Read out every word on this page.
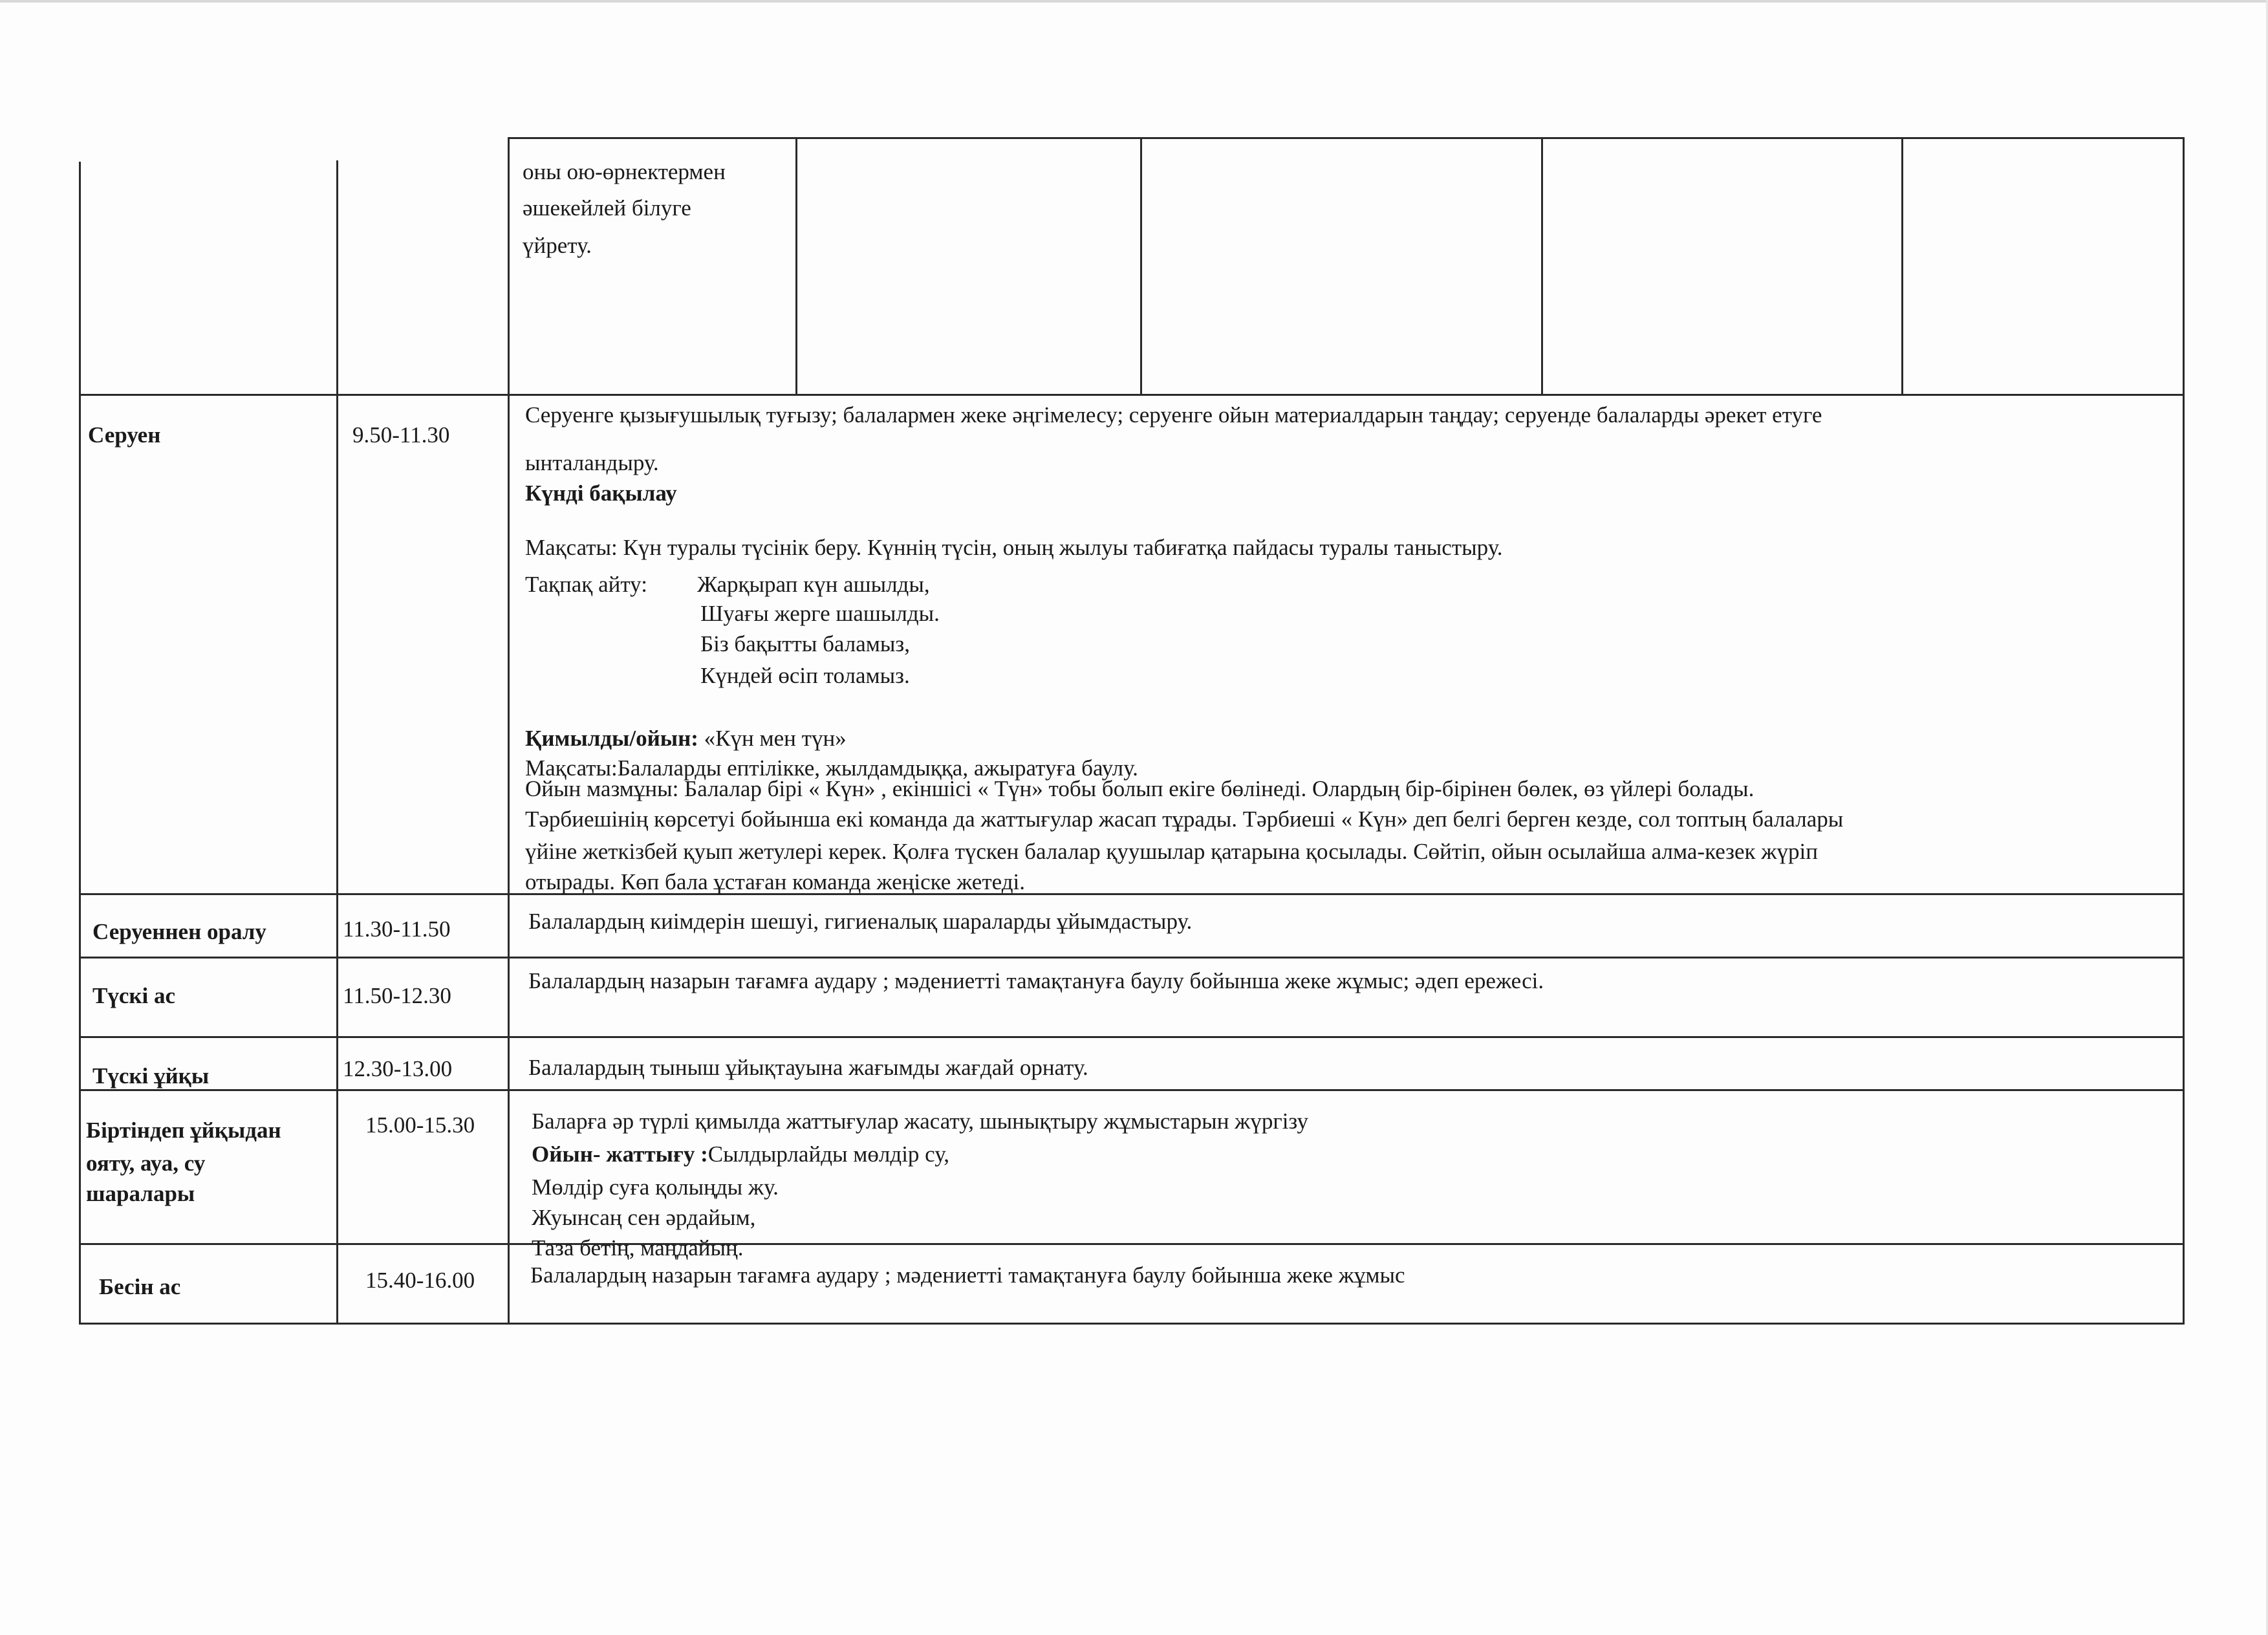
оны ою-өрнектермен
әшекейлей білуге
үйрету.
Серуен	9.50-11.30
Серуенге қызығушылық туғызу; балалармен жеке әңгімелесу; серуенге ойын материалдарын таңдау; серуенде балаларды әрекет етуге
ынталандыру.
Күнді бақылау
Мақсаты: Күн туралы түсінік беру. Күннің түсін, оның жылуы табиғатқа пайдасы туралы таныстыру.
Тақпақ айту: Жарқырап күн ашылды,
Шуағы жерге шашылды.
Біз бақытты баламыз,
Күндей өсіп толамыз.
Қимылды/ойын: «Күн мен түн»
Мақсаты:Балаларды ептілікке, жылдамдыққа, ажыратуға баулу.
Ойын мазмұны: Балалар бірі « Күн» , екіншісі « Түн» тобы болып екіге бөлінеді. Олардың бір-бірінен бөлек, өз үйлері болады.
Тәрбиешінің көрсетуі бойынша екі команда да жаттығулар жасап тұрады. Тәрбиеші « Күн» деп белгі берген кезде, сол топтың балалары
үйіне жеткізбей қуып жетулері керек. Қолға түскен балалар қуушылар қатарына қосылады. Сөйтіп, ойын осылайша алма-кезек жүріп
отырады. Көп бала ұстаған команда жеңіске жетеді.
Серуеннен оралу	11.30-11.50	Балалардың киімдерін шешуі, гигиеналық шараларды ұйымдастыру.
Түскі ас	11.50-12.30
Балалардың назарын тағамға аудару ; мәдениетті тамақтануға баулу бойынша жеке жұмыс; әдеп ережесі.
Түскі ұйқы	12.30-13.00	Балалардың тыныш ұйықтауына жағымды жағдай орнату.
Біртіндеп ұйқыдан
ояту, ауа, су
шаралары
15.00-15.30	Баларға әр түрлі қимылда жаттығулар жасату, шынықтыру жұмыстарын жүргізу
Ойын- жаттығу :Сылдырлайды мөлдір су,
Мөлдір суға қолыңды жу.
Жуынсаң сен әрдайым,
Таза бетің, маңдайың.
Бесін ас	15.40-16.00 Балалардың назарын тағамға аудару ; мәдениетті тамақтануға баулу бойынша жеке жұмыс
